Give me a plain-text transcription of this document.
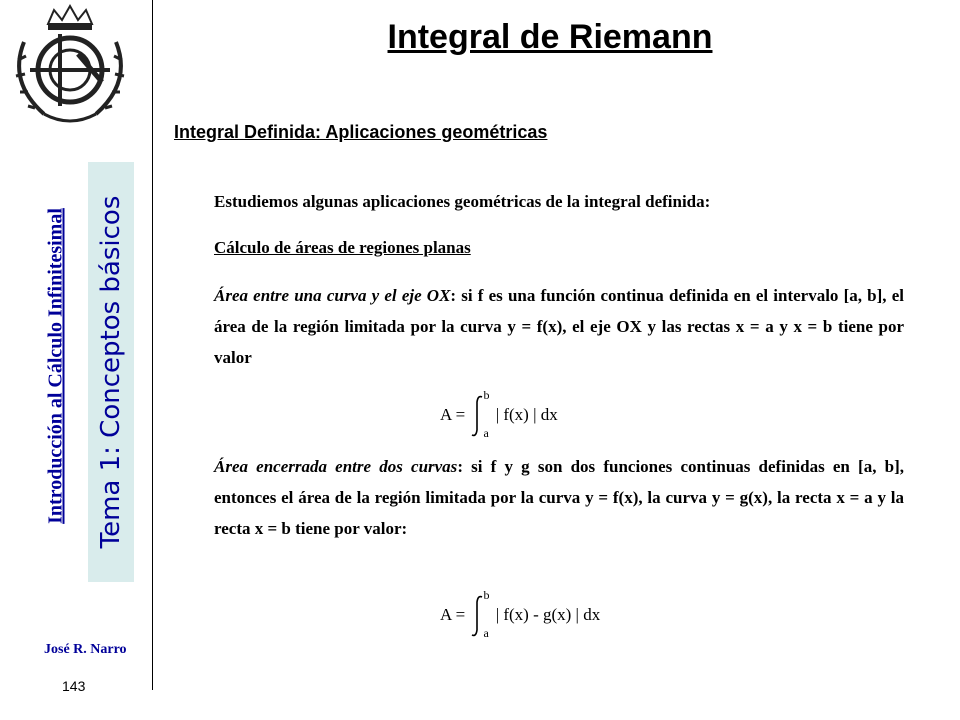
Introducción al Cálculo Infinitesimal Tema 1: Conceptos básicos
José R. Narro
143
Integral de Riemann
Integral Definida: Aplicaciones geométricas
Estudiemos algunas aplicaciones geométricas de la integral definida:
Cálculo de áreas de regiones planas
Área entre una curva y el eje OX: si f es una función continua definida en el intervalo [a, b], el área de la región limitada por la curva y = f(x), el eje OX y las rectas x = a y x = b tiene por valor
A =
b
a
| f(x) | dx
Área encerrada entre dos curvas: si f y g son dos funciones continuas definidas en [a, b], entonces el área de la región limitada por la curva y = f(x), la curva y = g(x), la recta x = a y la recta x = b tiene por valor:
A =
b
a
| f(x) - g(x) | dx
